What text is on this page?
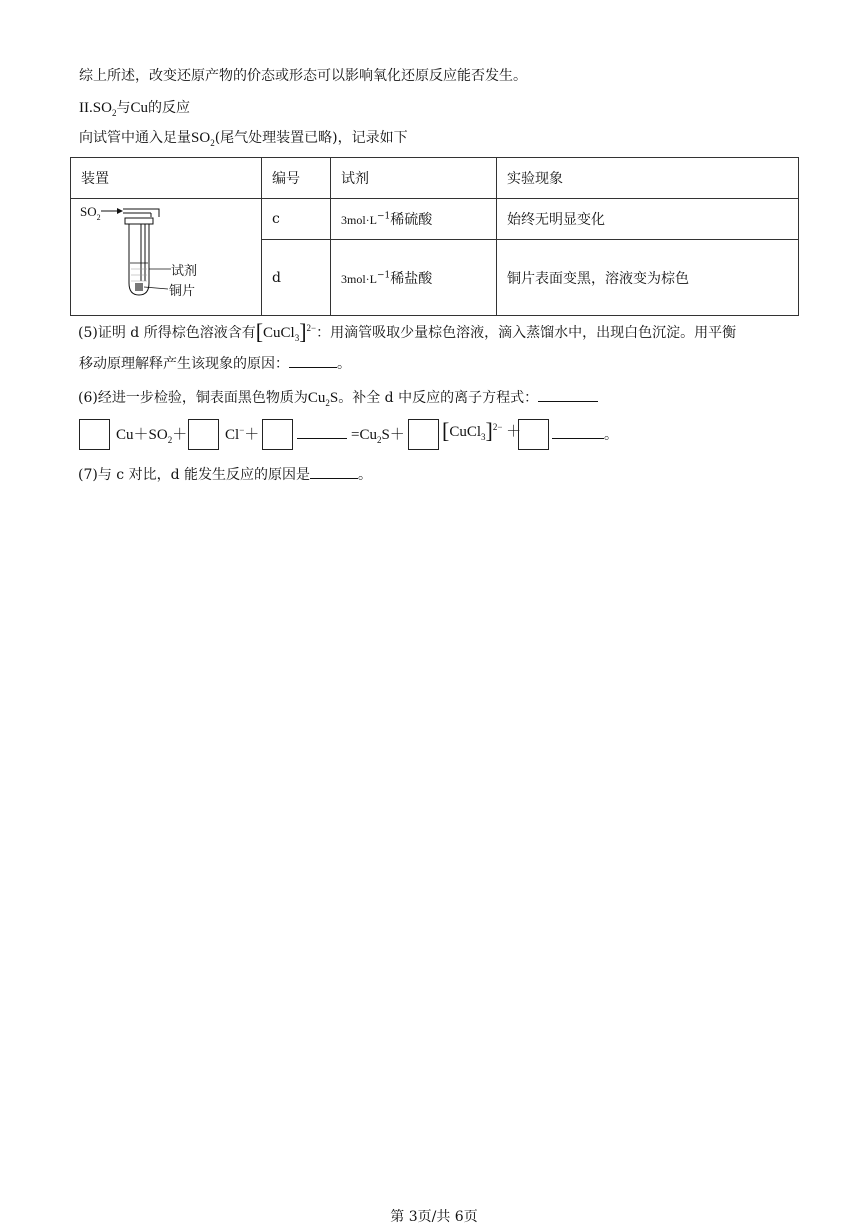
综上所述，改变还原产物的价态或形态可以影响氧化还原反应能否发生。
$II.SO_2$与Cu的反应
向试管中通入足量$SO_2$(尾气处理装置已略)，记录如下
装置	编号	试剂	实验现象

$SO_2$
试剂
铜片	c	$3mol\cdot L^{-1}$稀硫酸	始终无明显变化
	d	$3mol\cdot L^{-1}$稀盐酸	铜片表面变黑，溶液变为棕色
(5)证明 d 所得棕色溶液含有[CuCl$_3$]$^{2-}$：用滴管吸取少量棕色溶液，滴入蒸馏水中，出现白色沉淀。用平衡
移动原理解释产生该现象的原因：	。
(6)经进一步检验，铜表面黑色物质为$Cu_2S$。补全 d 中反应的离子方程式：
$Cu+SO_2+$	Cl−＋	$=Cu_2S+$ [CuCl$_3$]$^{2-}$ ＋	。
(7)与 c 对比，d 能发生反应的原因是	。
第 3页/共 6页
